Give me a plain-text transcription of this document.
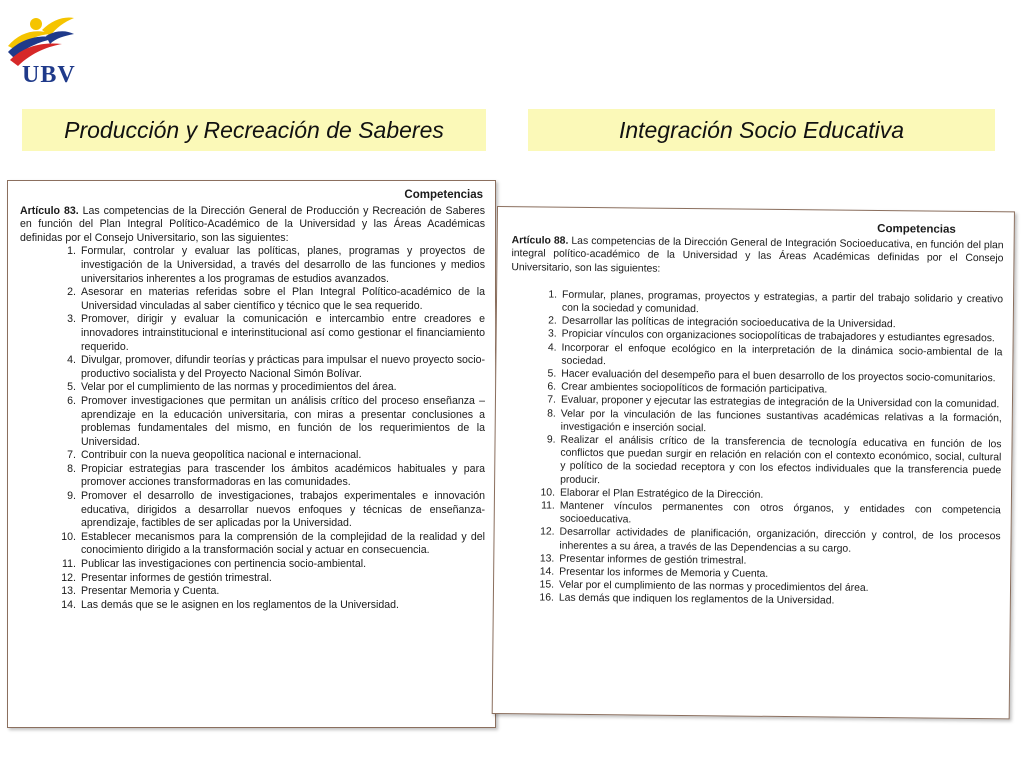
UBV
Producción y Recreación de Saberes	Integración Socio Educativa
Competencias
Artículo 83. Las competencias de la Dirección General de Producción y Recreación de Saberes en función del Plan Integral Político-Académico de la Universidad y las Áreas Académicas definidas por el Consejo Universitario, son las siguientes:
1. Formular, controlar y evaluar las políticas, planes, programas y proyectos de investigación de la Universidad, a través del desarrollo de las funciones y medios universitarios inherentes a los programas de estudios avanzados.
2. Asesorar en materias referidas sobre el Plan Integral Político-académico de la Universidad vinculadas al saber científico y técnico que le sea requerido.
3. Promover, dirigir y evaluar la comunicación e intercambio entre creadores e innovadores intrainstitucional e interinstitucional así como gestionar el financiamiento requerido.
4. Divulgar, promover, difundir teorías y prácticas para impulsar el nuevo proyecto socio-productivo socialista y del Proyecto Nacional Simón Bolívar.
5. Velar por el cumplimiento de las normas y procedimientos del área.
6. Promover investigaciones que permitan un análisis crítico del proceso enseñanza – aprendizaje en la educación universitaria, con miras a presentar conclusiones a problemas fundamentales del mismo, en función de los requerimientos de la Universidad.
7. Contribuir con la nueva geopolítica nacional e internacional.
8. Propiciar estrategias para trascender los ámbitos académicos habituales y para promover acciones transformadoras en las comunidades.
9. Promover el desarrollo de investigaciones, trabajos experimentales e innovación educativa, dirigidos a desarrollar nuevos enfoques y técnicas de enseñanza-aprendizaje, factibles de ser aplicadas por la Universidad.
10. Establecer mecanismos para la comprensión de la complejidad de la realidad y del conocimiento dirigido a la transformación social y actuar en consecuencia.
11. Publicar las investigaciones con pertinencia socio-ambiental.
12. Presentar informes de gestión trimestral.
13. Presentar Memoria y Cuenta.
14. Las demás que se le asignen en los reglamentos de la Universidad.
Competencias
Artículo 88. Las competencias de la Dirección General de Integración Socioeducativa, en función del plan integral político-académico de la Universidad y las Áreas Académicas definidas por el Consejo Universitario, son las siguientes:
1. Formular, planes, programas, proyectos y estrategias, a partir del trabajo solidario y creativo con la sociedad y comunidad.
2. Desarrollar las políticas de integración socioeducativa de la Universidad.
3. Propiciar vínculos con organizaciones sociopolíticas de trabajadores y estudiantes egresados.
4. Incorporar el enfoque ecológico en la interpretación de la dinámica socio-ambiental de la sociedad.
5. Hacer evaluación del desempeño para el buen desarrollo de los proyectos socio-comunitarios.
6. Crear ambientes sociopolíticos de formación participativa.
7. Evaluar, proponer y ejecutar las estrategias de integración de la Universidad con la comunidad.
8. Velar por la vinculación de las funciones sustantivas académicas relativas a la formación, investigación e inserción social.
9. Realizar el análisis crítico de la transferencia de tecnología educativa en función de los conflictos que puedan surgir en relación en relación con el contexto económico, social, cultural y político de la sociedad receptora y con los efectos individuales que la transferencia puede producir.
10. Elaborar el Plan Estratégico de la Dirección.
11. Mantener vínculos permanentes con otros órganos, y entidades con competencia socioeducativa.
12. Desarrollar actividades de planificación, organización, dirección y control, de los procesos inherentes a su área, a través de las Dependencias a su cargo.
13. Presentar informes de gestión trimestral.
14. Presentar los informes de Memoria y Cuenta.
15. Velar por el cumplimiento de las normas y procedimientos del área.
16. Las demás que indiquen los reglamentos de la Universidad.
